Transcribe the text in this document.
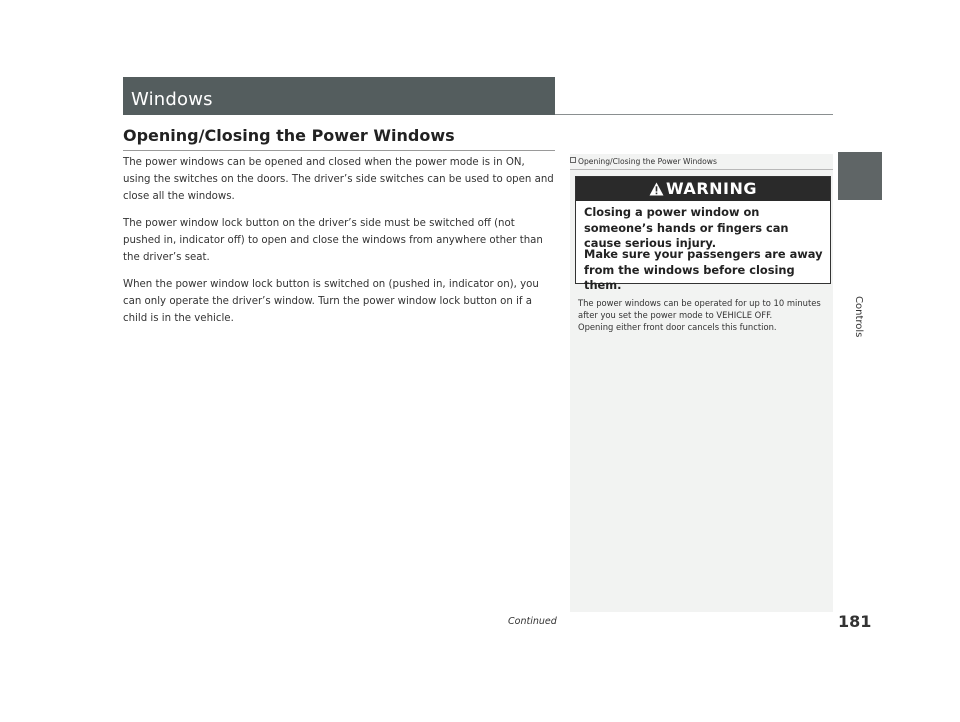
Windows
Opening/Closing the Power Windows

The power windows can be opened and closed when the power mode is in ON, using the switches on the doors. The driver’s side switches can be used to open and close all the windows.

The power window lock button on the driver’s side must be switched off (not pushed in, indicator off) to open and close the windows from anywhere other than the driver’s seat.

When the power window lock button is switched on (pushed in, indicator on), you can only operate the driver’s window. Turn the power window lock button on if a child is in the vehicle.

Opening/Closing the Power Windows
WARNING

Closing a power window on someone’s hands or fingers can cause serious injury.

Make sure your passengers are away from the windows before closing them.

The power windows can be operated for up to 10 minutes after you set the power mode to VEHICLE OFF.
Opening either front door cancels this function.	Controls
Continued	181
